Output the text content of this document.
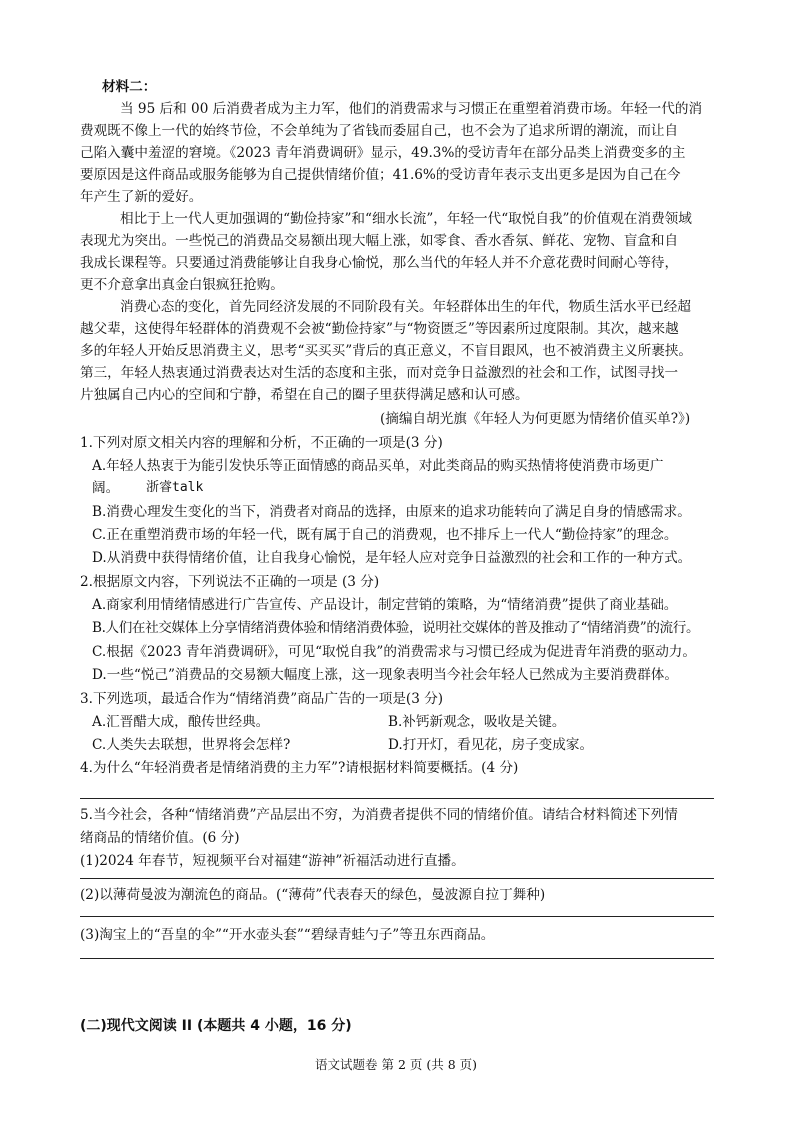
材料二：
当 95 后和 00 后消费者成为主力军，他们的消费需求与习惯正在重塑着消费市场。年轻一代的消
费观既不像上一代的始终节俭，不会单纯为了省钱而委屈自己，也不会为了追求所谓的潮流，而让自
己陷入囊中羞涩的窘境。《2023 青年消费调研》显示，49.3%的受访青年在部分品类上消费变多的主
要原因是这件商品或服务能够为自己提供情绪价值；41.6%的受访青年表示支出更多是因为自己在今
年产生了新的爱好。
相比于上一代人更加强调的“勤俭持家”和“细水长流”，年轻一代“取悦自我”的价值观在消费领域
表现尤为突出。一些悦己的消费品交易额出现大幅上涨，如零食、香水香氛、鲜花、宠物、盲盒和自
我成长课程等。只要通过消费能够让自我身心愉悦，那么当代的年轻人并不介意花费时间耐心等待，
更不介意拿出真金白银疯狂抢购。
消费心态的变化，首先同经济发展的不同阶段有关。年轻群体出生的年代，物质生活水平已经超
越父辈，这使得年轻群体的消费观不会被“勤俭持家”与“物资匮乏”等因素所过度限制。其次，越来越
多的年轻人开始反思消费主义，思考“买买买”背后的真正意义，不盲目跟风，也不被消费主义所裹挟。
第三，年轻人热衷通过消费表达对生活的态度和主张，而对竞争日益激烈的社会和工作，试图寻找一
片独属自己内心的空间和宁静，希望在自己的圈子里获得满足感和认可感。
(摘编自胡光旗《年轻人为何更愿为情绪价值买单?》)
1.下列对原文相关内容的理解和分析，不正确的一项是(3 分)
A.年轻人热衷于为能引发快乐等正面情感的商品买单，对此类商品的购买热情将使消费市场更广
阔。 浙睿talk
B.消费心理发生变化的当下，消费者对商品的选择，由原来的追求功能转向了满足自身的情感需求。
C.正在重塑消费市场的年轻一代，既有属于自己的消费观，也不排斥上一代人“勤俭持家”的理念。
D.从消费中获得情绪价值，让自我身心愉悦，是年轻人应对竞争日益激烈的社会和工作的一种方式。
2.根据原文内容，下列说法不正确的一项是 (3 分)
A.商家利用情绪情感进行广告宣传、产品设计，制定营销的策略，为“情绪消费”提供了商业基础。
B.人们在社交媒体上分享情绪消费体验和情绪消费体验，说明社交媒体的普及推动了“情绪消费”的流行。
C.根据《2023 青年消费调研》，可见“取悦自我”的消费需求与习惯已经成为促进青年消费的驱动力。
D.一些“悦己”消费品的交易额大幅度上涨，这一现象表明当今社会年轻人已然成为主要消费群体。
3.下列选项，最适合作为“情绪消费”商品广告的一项是(3 分)
A.汇晋醋大成，酿传世经典。	B.补钙新观念，吸收是关键。
C.人类失去联想，世界将会怎样?	D.打开灯，看见花，房子变成家。
4.为什么“年轻消费者是情绪消费的主力军”?请根据材料简要概括。(4 分)
5.当今社会，各种“情绪消费”产品层出不穷，为消费者提供不同的情绪价值。请结合材料简述下列情
绪商品的情绪价值。(6 分)
(1)2024 年春节，短视频平台对福建“游神”祈福活动进行直播。
(2)以薄荷曼波为潮流色的商品。(“薄荷”代表春天的绿色，曼波源自拉丁舞种)
(3)淘宝上的“吾皇的伞”“开水壶头套”“碧绿青蛙勺子”等丑东西商品。
(二)现代文阅读 II (本题共 4 小题，16 分)
语文试题卷 第 2 页 (共 8 页)
